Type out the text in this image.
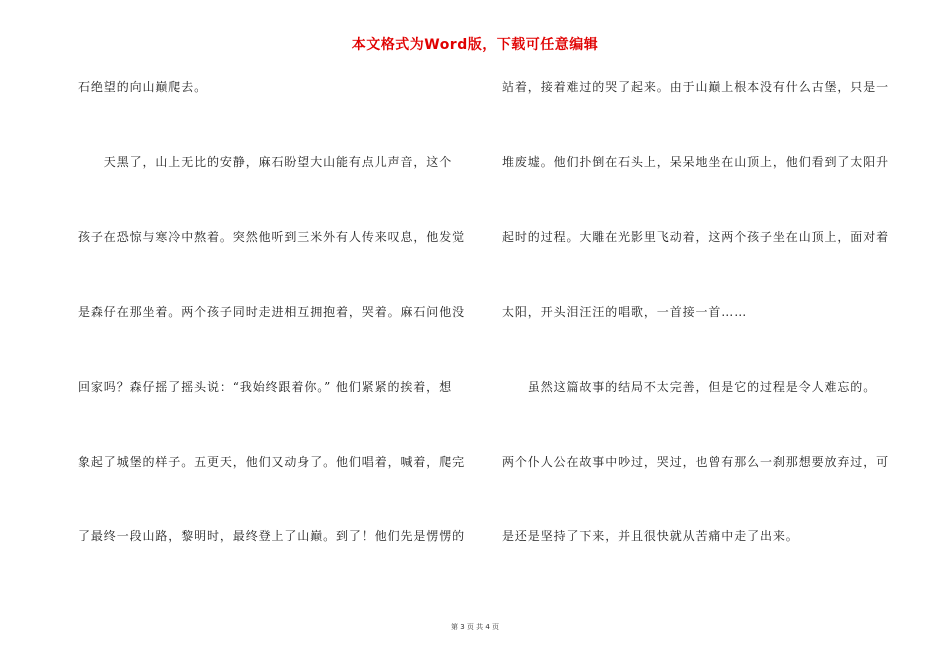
本文格式为Word版，下载可任意编辑
石绝望的向山巅爬去。
　　天黑了，山上无比的安静，麻石盼望大山能有点儿声音，这个
孩子在恐惊与寒冷中熬着。突然他听到三米外有人传来叹息，他发觉
是森仔在那坐着。两个孩子同时走进相互拥抱着，哭着。麻石问他没
回家吗？森仔摇了摇头说：“我始终跟着你。” 他们紧紧的挨着，想
象起了城堡的样子。五更天，他们又动身了。他们唱着，喊着，爬完
了最终一段山路，黎明时，最终登上了山巅。到了！他们先是愣愣的
站着，接着难过的哭了起来。由于山巅上根本没有什么古堡，只是一
堆废墟。他们扑倒在石头上，呆呆地坐在山顶上，他们看到了太阳升
起时的过程。大雕在光影里飞动着，这两个孩子坐在山顶上，面对着
太阳，开头泪汪汪的唱歌，一首接一首……
　　虽然这篇故事的结局不太完善，但是它的过程是令人难忘的。
两个仆人公在故事中吵过，哭过，也曾有那么一刹那想要放弃过，可
是还是坚持了下来，并且很快就从苦痛中走了出来。
第 3 页 共 4 页
